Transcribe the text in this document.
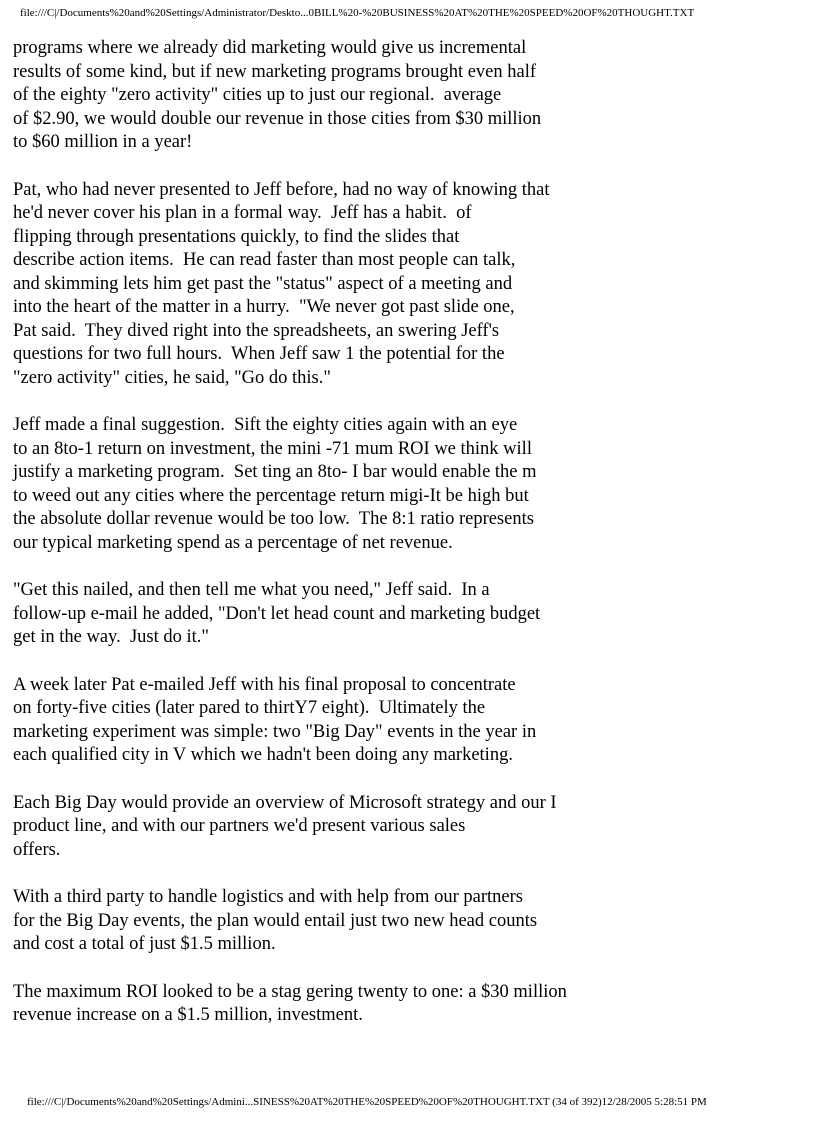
file:///C|/Documents%20and%20Settings/Administrator/Deskto...0BILL%20-%20BUSINESS%20AT%20THE%20SPEED%20OF%20THOUGHT.TXT
programs where we already did marketing would give us incremental
results of some kind, but if new marketing programs brought even half
of the eighty "zero activity" cities up to just our regional.  average
of $2.90, we would double our revenue in those cities from $30 million
to $60 million in a year!
Pat, who had never presented to Jeff before, had no way of knowing that
he'd never cover his plan in a formal way.  Jeff has a habit.  of
flipping through presentations quickly, to find the slides that
describe action items.  He can read faster than most people can talk,
and skimming lets him get past the "status" aspect of a meeting and
into the heart of the matter in a hurry.  "We never got past slide one,
Pat said.  They dived right into the spreadsheets, an swering Jeff's
questions for two full hours.  When Jeff saw 1 the potential for the
"zero activity" cities, he said, "Go do this."
Jeff made a final suggestion.  Sift the eighty cities again with an eye
to an 8to-1 return on investment, the mini -71 mum ROI we think will
justify a marketing program.  Set ting an 8to- I bar would enable the m
to weed out any cities where the percentage return migi-It be high but
the absolute dollar revenue would be too low.  The 8:1 ratio represents
our typical marketing spend as a percentage of net revenue.
"Get this nailed, and then tell me what you need," Jeff said.  In a
follow-up e-mail he added, "Don't let head count and marketing budget
get in the way.  Just do it."
A week later Pat e-mailed Jeff with his final proposal to concentrate
on forty-five cities (later pared to thirtY7 eight).  Ultimately the
marketing experiment was simple: two "Big Day" events in the year in
each qualified city in V which we hadn't been doing any marketing.
Each Big Day would provide an overview of Microsoft strategy and our I
product line, and with our partners we'd present various sales
offers.
With a third party to handle logistics and with help from our partners
for the Big Day events, the plan would entail just two new head counts
and cost a total of just $1.5 million.
The maximum ROI looked to be a stag gering twenty to one: a $30 million
revenue increase on a $1.5 million, investment.
file:///C|/Documents%20and%20Settings/Admini...SINESS%20AT%20THE%20SPEED%20OF%20THOUGHT.TXT (34 of 392)12/28/2005 5:28:51 PM
